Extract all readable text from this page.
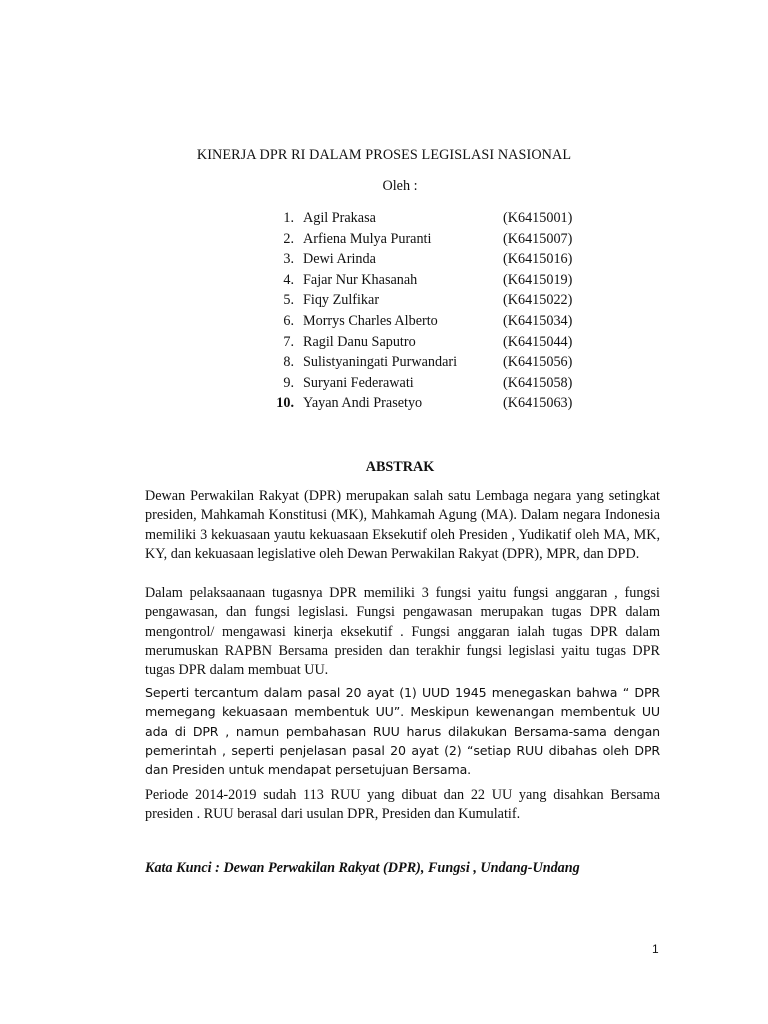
KINERJA DPR RI DALAM PROSES LEGISLASI NASIONAL
Oleh :
1. Agil Prakasa	(K6415001)
2. Arfiena Mulya Puranti	(K6415007)
3. Dewi Arinda	(K6415016)
4. Fajar Nur Khasanah	(K6415019)
5. Fiqy Zulfikar	(K6415022)
6. Morrys Charles Alberto	(K6415034)
7. Ragil Danu Saputro	(K6415044)
8. Sulistyaningati Purwandari	(K6415056)
9. Suryani Federawati	(K6415058)
10. Yayan Andi Prasetyo	(K6415063)
ABSTRAK

Dewan Perwakilan Rakyat (DPR) merupakan salah satu Lembaga negara yang setingkat presiden, Mahkamah Konstitusi (MK), Mahkamah Agung (MA). Dalam negara Indonesia memiliki 3 kekuasaan yautu kekuasaan Eksekutif oleh Presiden , Yudikatif oleh MA, MK, KY, dan kekuasaan legislative oleh Dewan Perwakilan Rakyat (DPR), MPR, dan DPD.

Dalam pelaksaanaan tugasnya DPR memiliki 3 fungsi yaitu fungsi anggaran , fungsi pengawasan, dan fungsi legislasi. Fungsi pengawasan merupakan tugas DPR dalam mengontrol/ mengawasi kinerja eksekutif . Fungsi anggaran ialah tugas DPR dalam merumuskan RAPBN Bersama presiden dan terakhir fungsi legislasi yaitu tugas DPR tugas DPR dalam membuat UU.

Seperti tercantum dalam pasal 20 ayat (1) UUD 1945 menegaskan bahwa “ DPR memegang kekuasaan membentuk UU”. Meskipun kewenangan membentuk UU ada di DPR , namun pembahasan RUU harus dilakukan Bersama-sama dengan pemerintah , seperti penjelasan pasal 20 ayat (2) “setiap RUU dibahas oleh DPR dan Presiden untuk mendapat persetujuan Bersama.

Periode 2014-2019 sudah 113 RUU yang dibuat dan 22 UU yang disahkan Bersama presiden . RUU berasal dari usulan DPR, Presiden dan Kumulatif.

Kata Kunci : Dewan Perwakilan Rakyat (DPR), Fungsi , Undang-Undang
1
